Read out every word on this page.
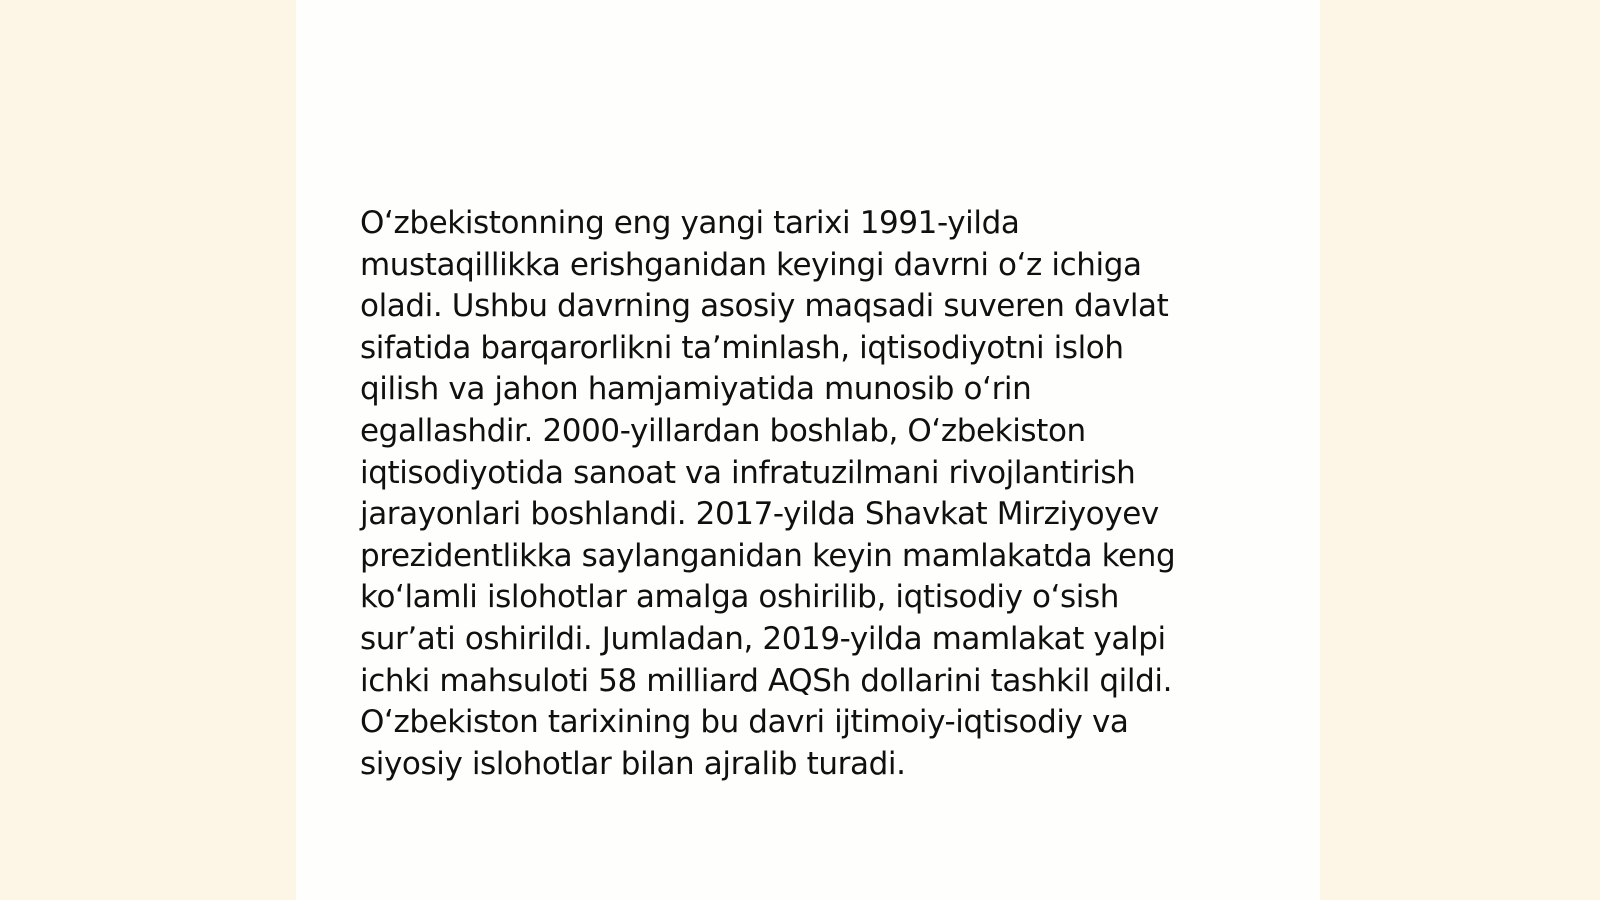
O‘zbekistonning eng yangi tarixi 1991-yilda
mustaqillikka erishganidan keyingi davrni o‘z ichiga
oladi. Ushbu davrning asosiy maqsadi suveren davlat
sifatida barqarorlikni ta’minlash, iqtisodiyotni isloh
qilish va jahon hamjamiyatida munosib o‘rin
egallashdir. 2000-yillardan boshlab, O‘zbekiston
iqtisodiyotida sanoat va infratuzilmani rivojlantirish
jarayonlari boshlandi. 2017-yilda Shavkat Mirziyoyev
prezidentlikka saylanganidan keyin mamlakatda keng
ko‘lamli islohotlar amalga oshirilib, iqtisodiy o‘sish
sur’ati oshirildi. Jumladan, 2019-yilda mamlakat yalpi
ichki mahsuloti 58 milliard AQSh dollarini tashkil qildi.
O‘zbekiston tarixining bu davri ijtimoiy-iqtisodiy va
siyosiy islohotlar bilan ajralib turadi.
